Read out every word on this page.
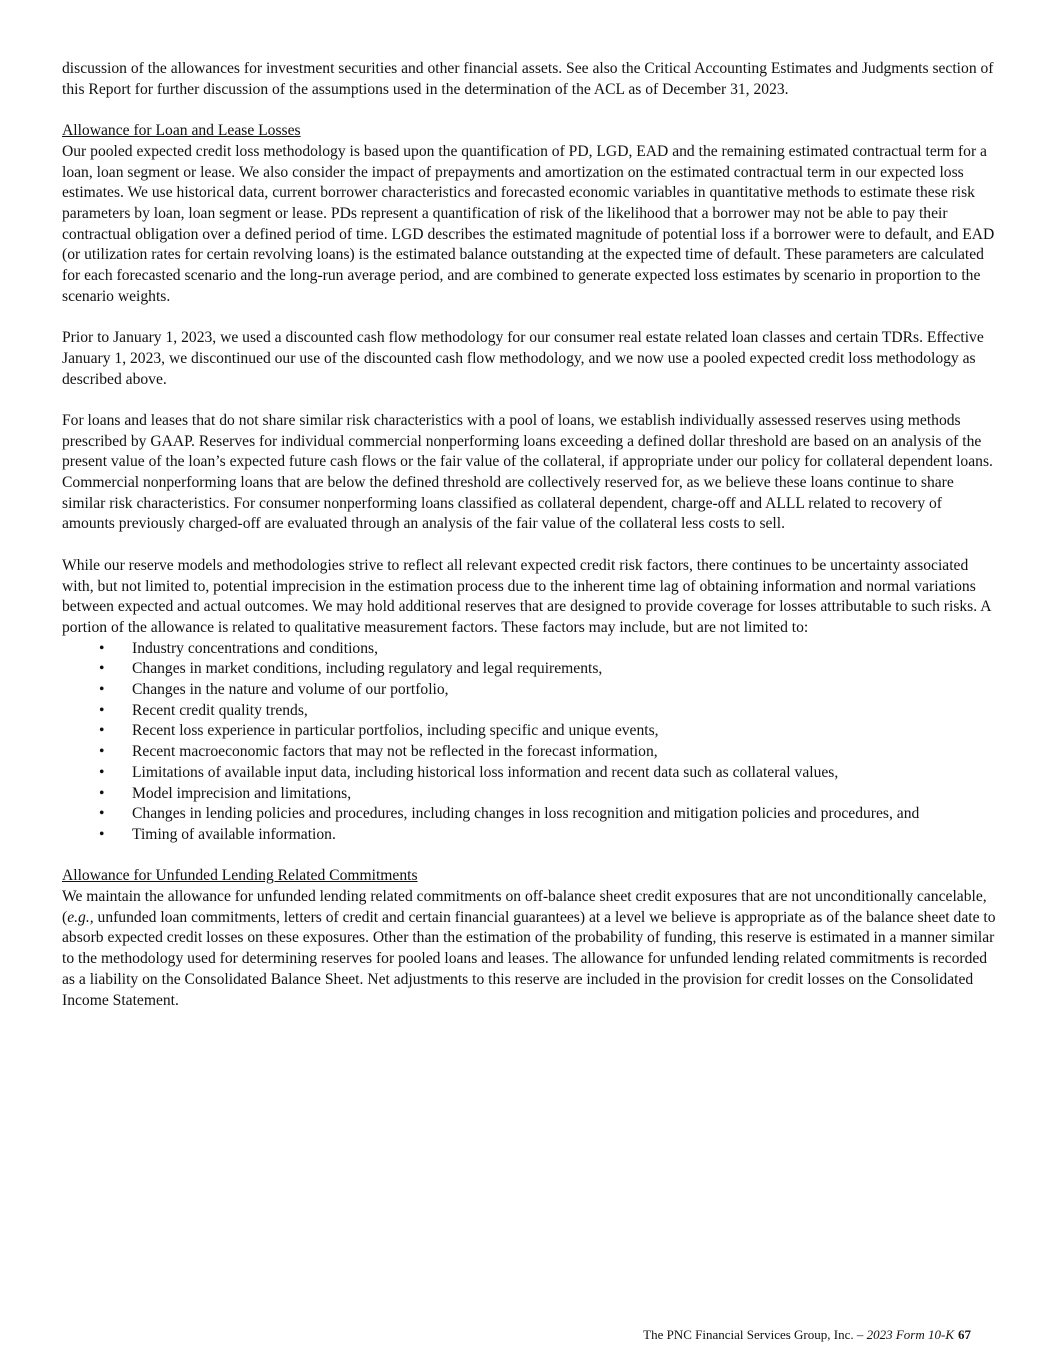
discussion of the allowances for investment securities and other financial assets. See also the Critical Accounting Estimates and Judgments section of this Report for further discussion of the assumptions used in the determination of the ACL as of December 31, 2023.

Allowance for Loan and Lease Losses

Our pooled expected credit loss methodology is based upon the quantification of PD, LGD, EAD and the remaining estimated contractual term for a loan, loan segment or lease. We also consider the impact of prepayments and amortization on the estimated contractual term in our expected loss estimates. We use historical data, current borrower characteristics and forecasted economic variables in quantitative methods to estimate these risk parameters by loan, loan segment or lease. PDs represent a quantification of risk of the likelihood that a borrower may not be able to pay their contractual obligation over a defined period of time. LGD describes the estimated magnitude of potential loss if a borrower were to default, and EAD (or utilization rates for certain revolving loans) is the estimated balance outstanding at the expected time of default. These parameters are calculated for each forecasted scenario and the long-run average period, and are combined to generate expected loss estimates by scenario in proportion to the scenario weights.

Prior to January 1, 2023, we used a discounted cash flow methodology for our consumer real estate related loan classes and certain TDRs. Effective January 1, 2023, we discontinued our use of the discounted cash flow methodology, and we now use a pooled expected credit loss methodology as described above.

For loans and leases that do not share similar risk characteristics with a pool of loans, we establish individually assessed reserves using methods prescribed by GAAP. Reserves for individual commercial nonperforming loans exceeding a defined dollar threshold are based on an analysis of the present value of the loan’s expected future cash flows or the fair value of the collateral, if appropriate under our policy for collateral dependent loans. Commercial nonperforming loans that are below the defined threshold are collectively reserved for, as we believe these loans continue to share similar risk characteristics. For consumer nonperforming loans classified as collateral dependent, charge-off and ALLL related to recovery of amounts previously charged-off are evaluated through an analysis of the fair value of the collateral less costs to sell.

While our reserve models and methodologies strive to reflect all relevant expected credit risk factors, there continues to be uncertainty associated with, but not limited to, potential imprecision in the estimation process due to the inherent time lag of obtaining information and normal variations between expected and actual outcomes. We may hold additional reserves that are designed to provide coverage for losses attributable to such risks. A portion of the allowance is related to qualitative measurement factors. These factors may include, but are not limited to:

• Industry concentrations and conditions,
• Changes in market conditions, including regulatory and legal requirements,
• Changes in the nature and volume of our portfolio,
• Recent credit quality trends,
• Recent loss experience in particular portfolios, including specific and unique events,
• Recent macroeconomic factors that may not be reflected in the forecast information,
• Limitations of available input data, including historical loss information and recent data such as collateral values,
• Model imprecision and limitations,
• Changes in lending policies and procedures, including changes in loss recognition and mitigation policies and procedures, and
• Timing of available information.

Allowance for Unfunded Lending Related Commitments

We maintain the allowance for unfunded lending related commitments on off-balance sheet credit exposures that are not unconditionally cancelable, (e.g., unfunded loan commitments, letters of credit and certain financial guarantees) at a level we believe is appropriate as of the balance sheet date to absorb expected credit losses on these exposures. Other than the estimation of the probability of funding, this reserve is estimated in a manner similar to the methodology used for determining reserves for pooled loans and leases. The allowance for unfunded lending related commitments is recorded as a liability on the Consolidated Balance Sheet. Net adjustments to this reserve are included in the provision for credit losses on the Consolidated Income Statement.

The PNC Financial Services Group, Inc. – 2023 Form 10-K 67
